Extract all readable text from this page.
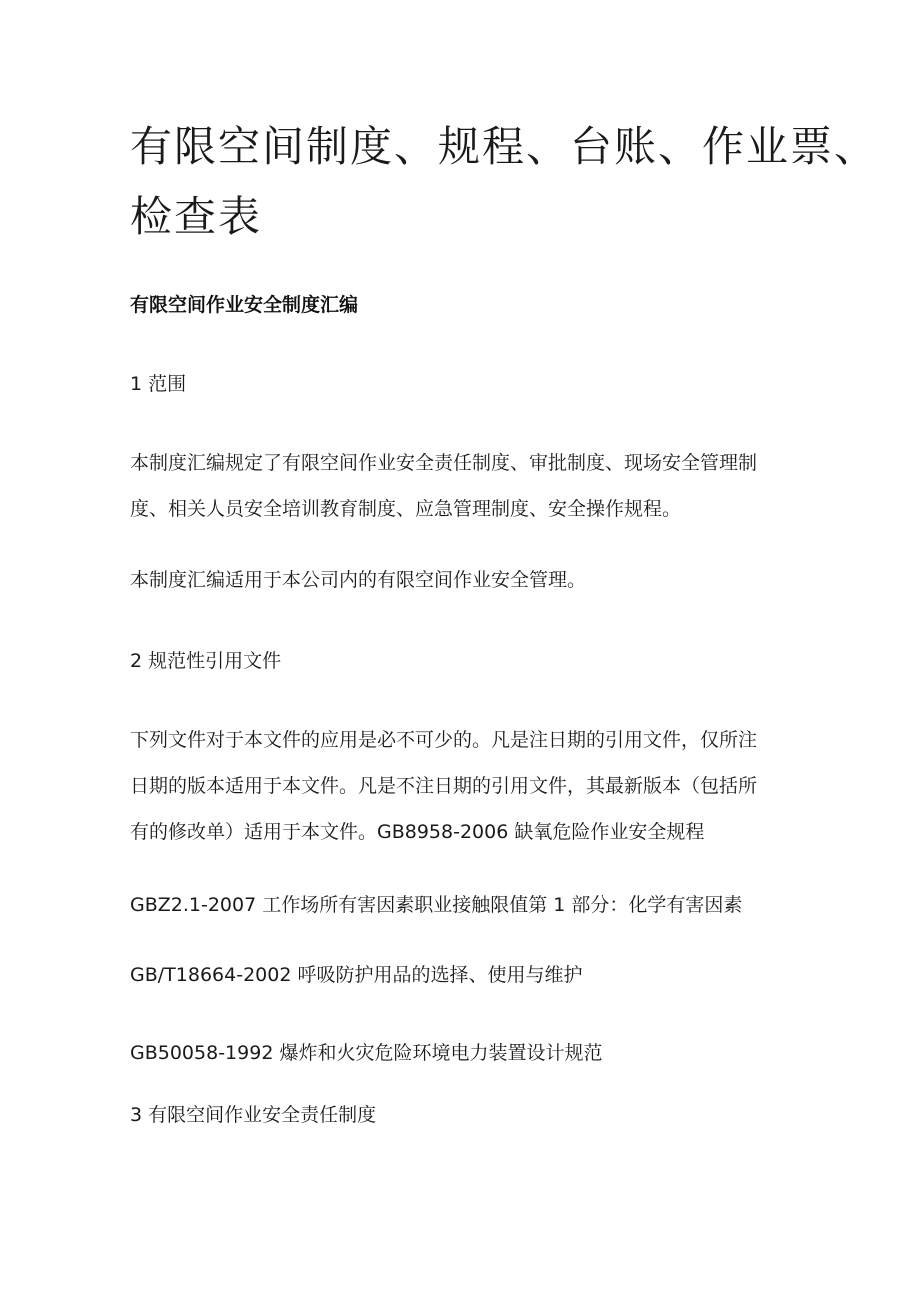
有限空间制度、规程、台账、作业票、
检查表

有限空间作业安全制度汇编

1 范围

本制度汇编规定了有限空间作业安全责任制度、审批制度、现场安全管理制
度、相关人员安全培训教育制度、应急管理制度、安全操作规程。

本制度汇编适用于本公司内的有限空间作业安全管理。

2 规范性引用文件

下列文件对于本文件的应用是必不可少的。凡是注日期的引用文件，仅所注
日期的版本适用于本文件。凡是不注日期的引用文件，其最新版本（包括所
有的修改单）适用于本文件。GB8958-2006 缺氧危险作业安全规程

GBZ2.1-2007 工作场所有害因素职业接触限值第 1 部分：化学有害因素

GB/T18664-2002 呼吸防护用品的选择、使用与维护

GB50058-1992 爆炸和火灾危险环境电力装置设计规范

3 有限空间作业安全责任制度
